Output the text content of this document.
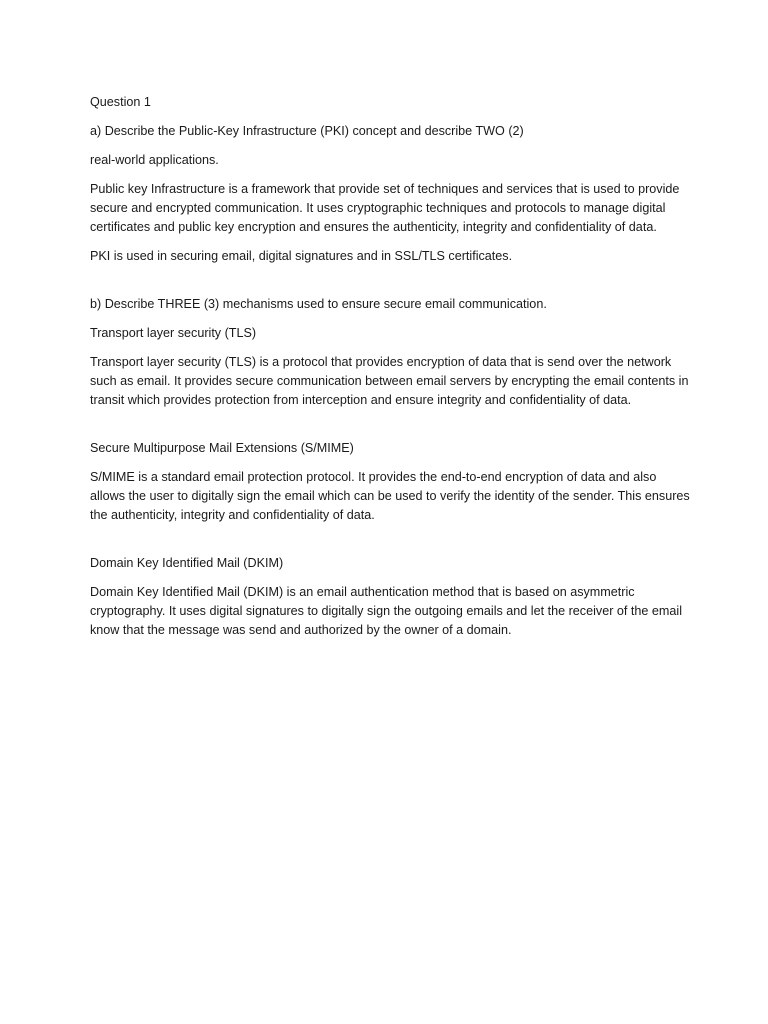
Question 1

a) Describe the Public-Key Infrastructure (PKI) concept and describe TWO (2)

real-world applications.

Public key Infrastructure is a framework that provide set of techniques and services that is used to provide secure and encrypted communication. It uses cryptographic techniques and protocols to manage digital certificates and public key encryption and ensures the authenticity, integrity and confidentiality of data.

PKI is used in securing email, digital signatures and in SSL/TLS certificates.

b) Describe THREE (3) mechanisms used to ensure secure email communication.

Transport layer security (TLS)

Transport layer security (TLS) is a protocol that provides encryption of data that is send over the network such as email. It provides secure communication between email servers by encrypting the email contents in transit which provides protection from interception and ensure integrity and confidentiality of data.

Secure Multipurpose Mail Extensions (S/MIME)

S/MIME is a standard email protection protocol. It provides the end-to-end encryption of data and also allows the user to digitally sign the email which can be used to verify the identity of the sender. This ensures the authenticity, integrity and confidentiality of data.

Domain Key Identified Mail (DKIM)

Domain Key Identified Mail (DKIM) is an email authentication method that is based on asymmetric cryptography. It uses digital signatures to digitally sign the outgoing emails and let the receiver of the email know that the message was send and authorized by the owner of a domain.
